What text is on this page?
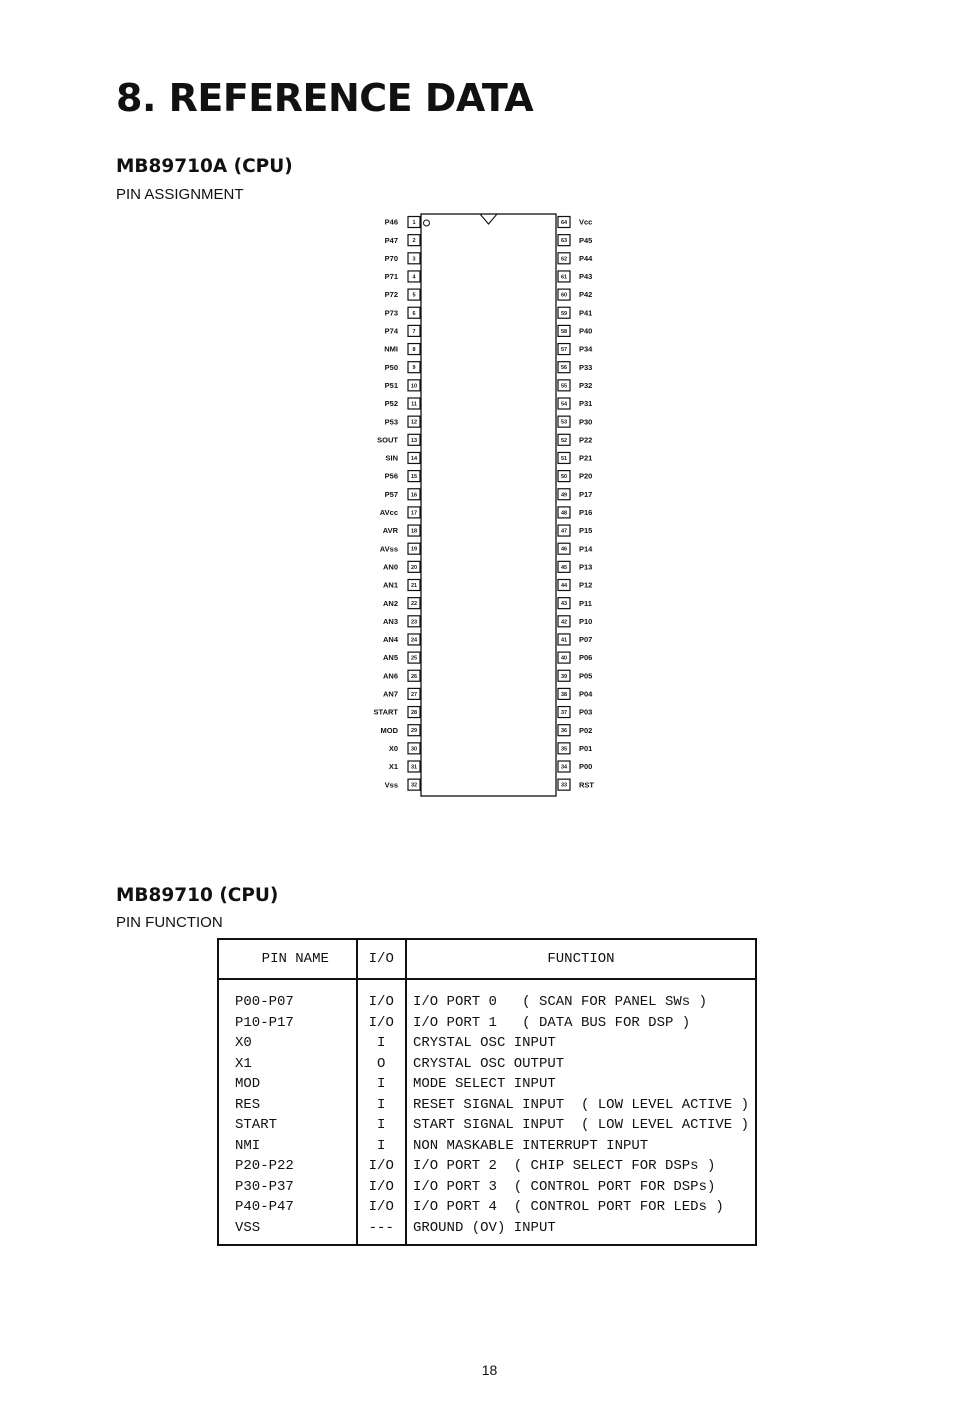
8. REFERENCE DATA
MB89710A (CPU)
PIN ASSIGNMENT
1
P46
2
P47
3
P70
4
P71
5
P72
6
P73
7
P74
8
NMI
9
P50
10
P51
11
P52
12
P53
13
SOUT
14
SIN
15
P56
16
P57
17
AVcc
18
AVR
19
AVss
20
AN0
21
AN1
22
AN2
23
AN3
24
AN4
25
AN5
26
AN6
27
AN7
28
START
29
MOD
30
X0
31
X1
32
Vss
64 Vcc
63 P45
62 P44
61 P43
60 P42
59 P41
58 P40
57 P34
56 P33
55 P32
54 P31
53 P30
52 P22
51 P21
50 P20
49 P17
48 P16
47 P15
46 P14
45 P13
44 P12
43 P11
42 P10
41 P07
40 P06
39 P05
38 P04
37 P03
36 P02
35 P01
34 P00
33 RST
MB89710 (CPU)
PIN FUNCTION
PIN NAME	I/O	FUNCTION
P00-P07	I/O	I/O PORT 0   ( SCAN FOR PANEL SWs )
P10-P17	I/O	I/O PORT 1   ( DATA BUS FOR DSP )
X0	I	CRYSTAL OSC INPUT
X1	O	CRYSTAL OSC OUTPUT
MOD	I	MODE SELECT INPUT
RES	I	RESET SIGNAL INPUT  ( LOW LEVEL ACTIVE )
START	I	START SIGNAL INPUT  ( LOW LEVEL ACTIVE )
NMI	I	NON MASKABLE INTERRUPT INPUT
P20-P22	I/O	I/O PORT 2  ( CHIP SELECT FOR DSPs )
P30-P37	I/O	I/O PORT 3  ( CONTROL PORT FOR DSPs)
P40-P47	I/O	I/O PORT 4  ( CONTROL PORT FOR LEDs )
VSS	---	GROUND (OV) INPUT
18
